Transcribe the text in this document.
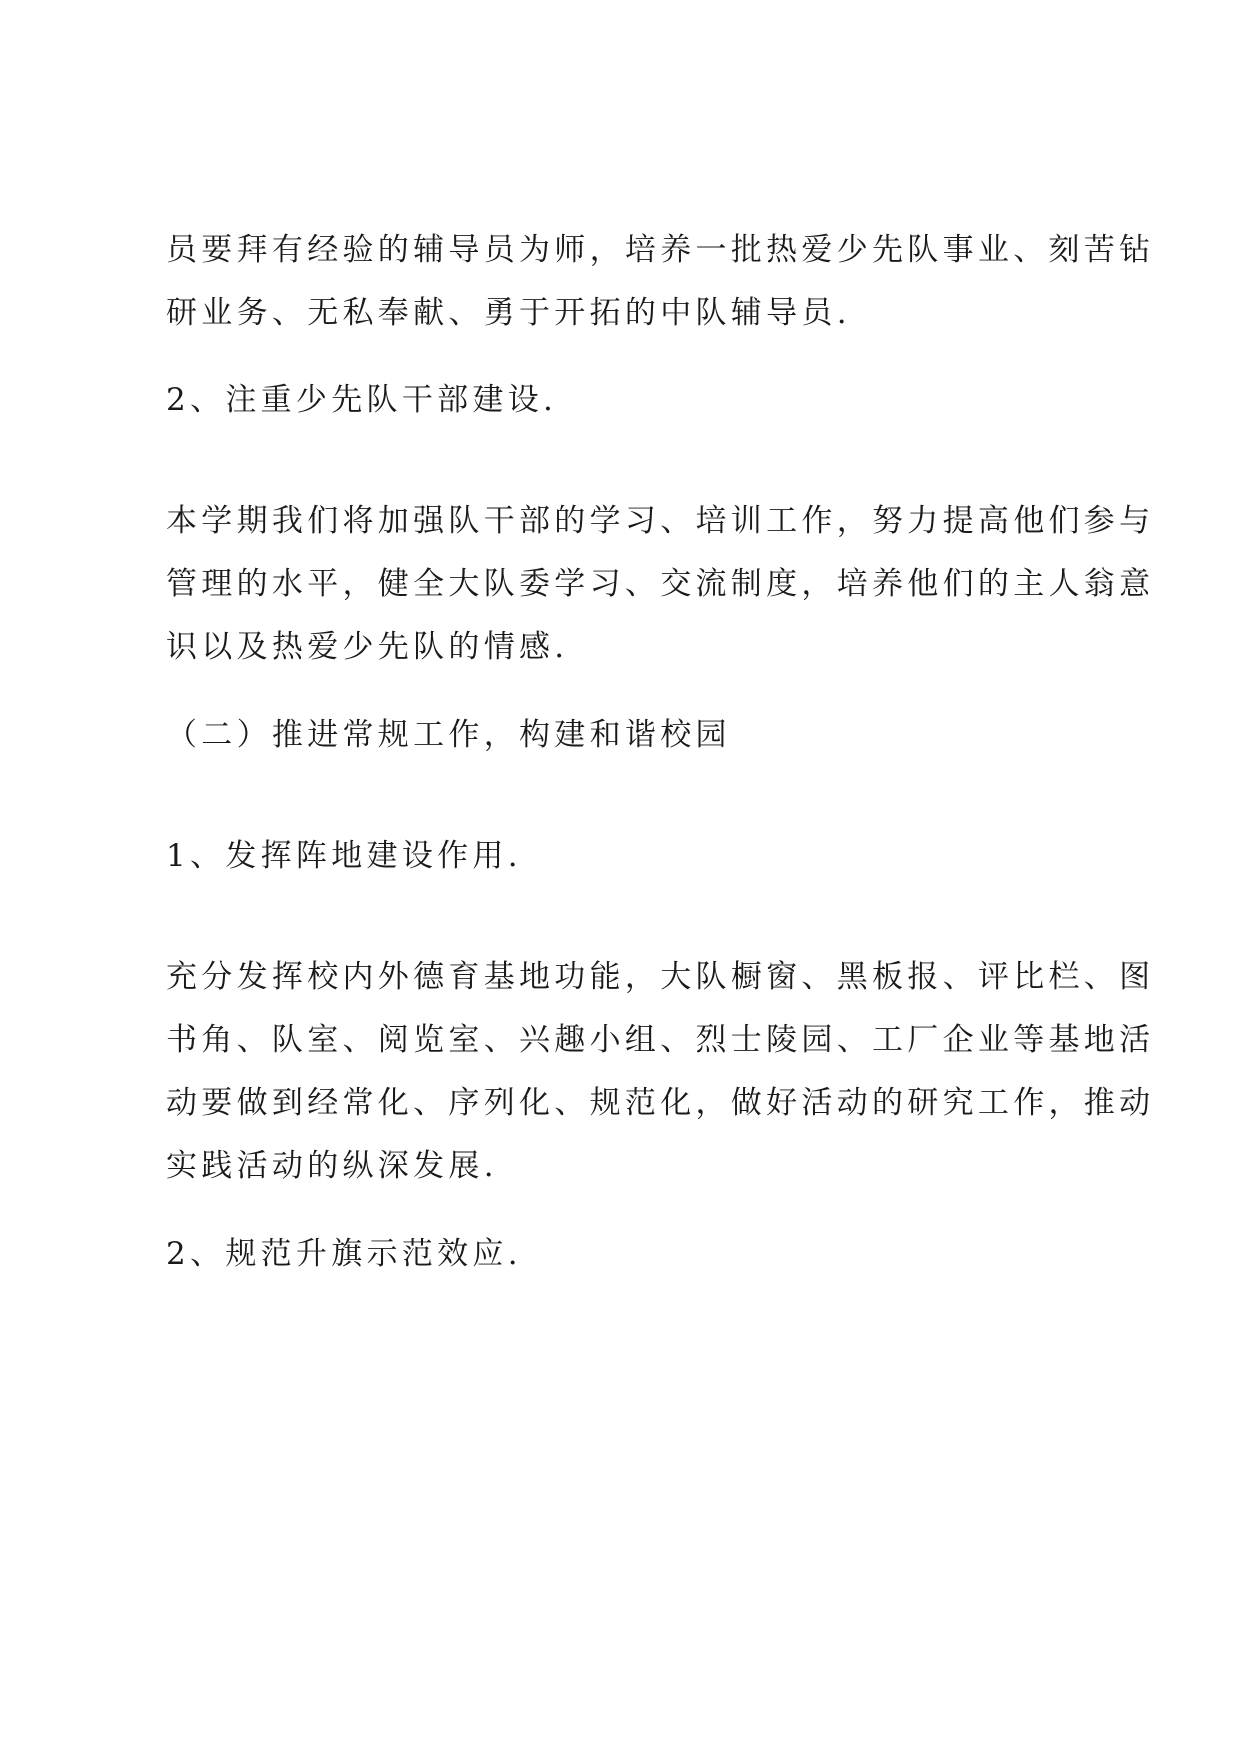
员要拜有经验的辅导员为师，培养一批热爱少先队事业、刻苦钻
研业务、无私奉献、勇于开拓的中队辅导员.
2、注重少先队干部建设.
本学期我们将加强队干部的学习、培训工作，努力提高他们参与
管理的水平，健全大队委学习、交流制度，培养他们的主人翁意
识以及热爱少先队的情感.
（二）推进常规工作，构建和谐校园
1、发挥阵地建设作用.
充分发挥校内外德育基地功能，大队橱窗、黑板报、评比栏、图
书角、队室、阅览室、兴趣小组、烈士陵园、工厂企业等基地活
动要做到经常化、序列化、规范化，做好活动的研究工作，推动
实践活动的纵深发展.
2、规范升旗示范效应.
